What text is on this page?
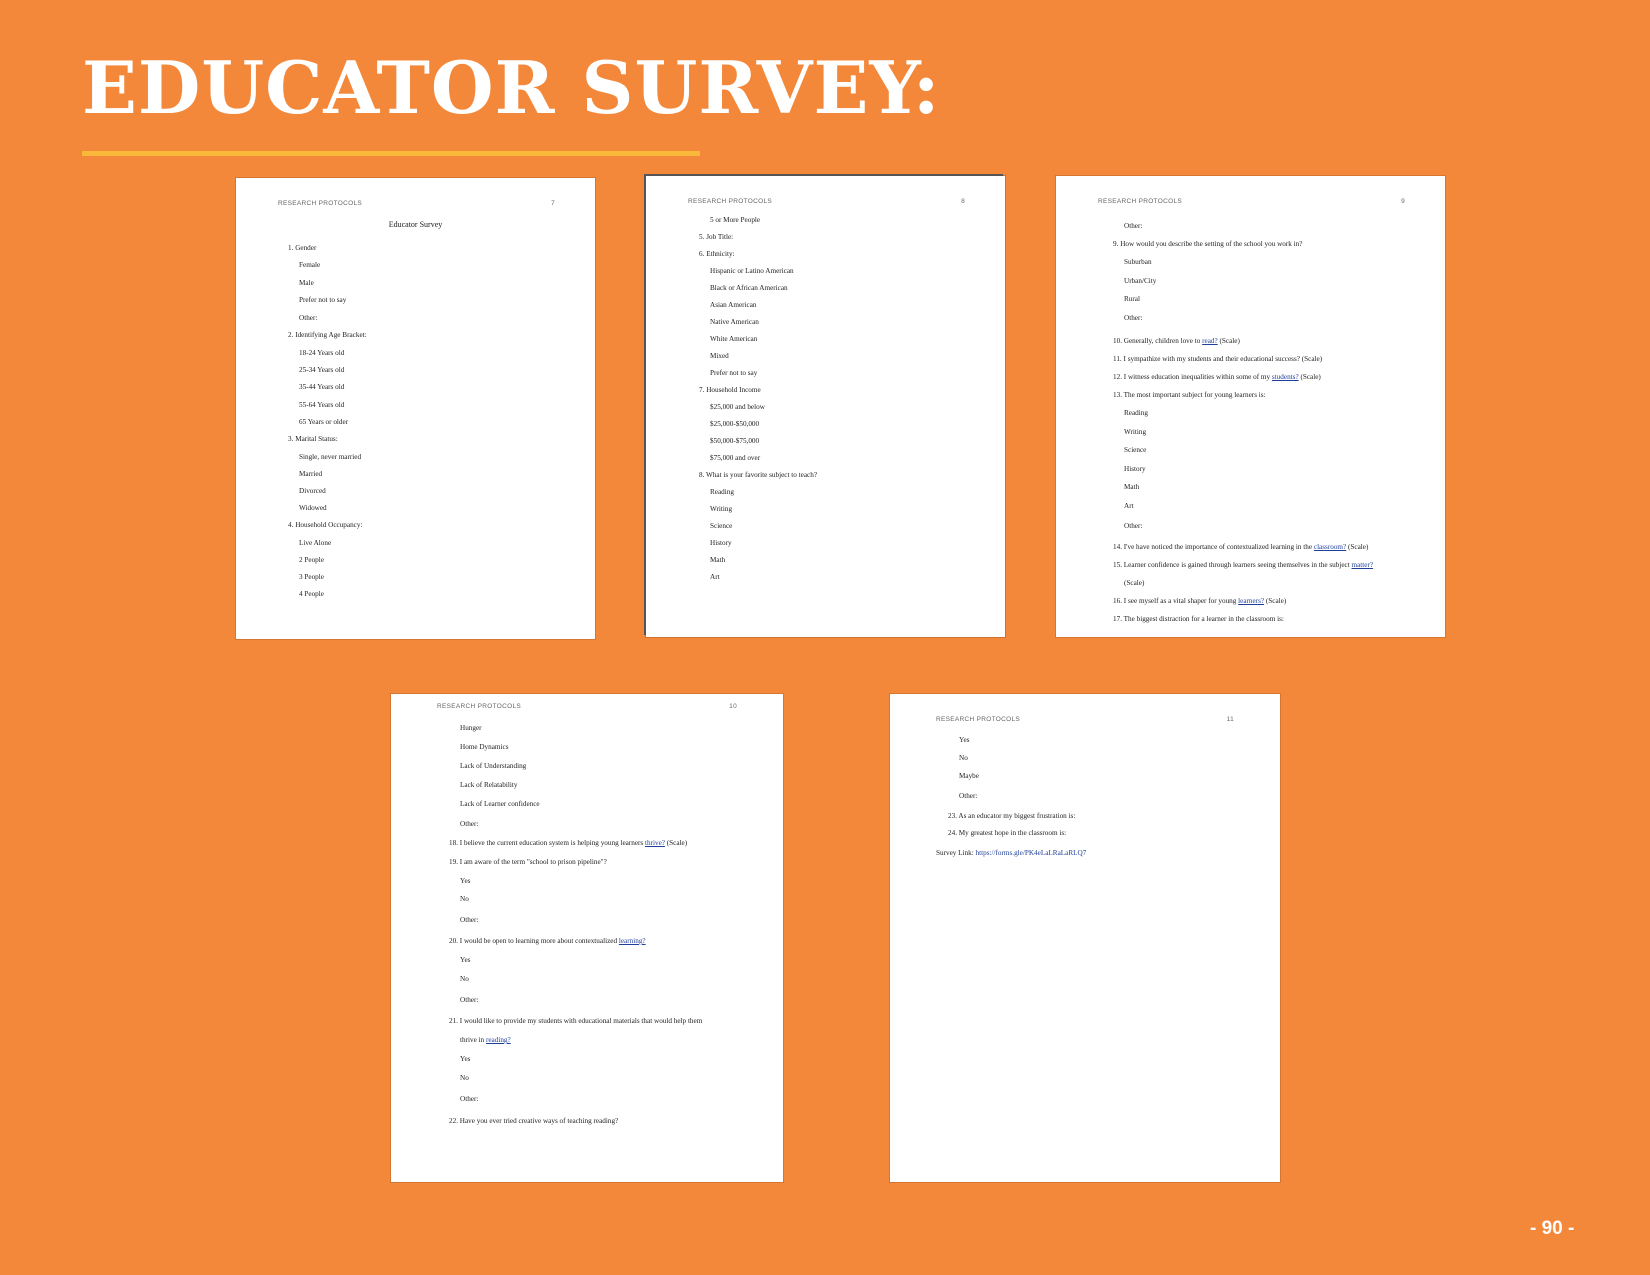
EDUCATOR SURVEY:
RESEARCH PROTOCOLS	7
Educator Survey
1. Gender
Female
Male
Prefer not to say
Other:
2. Identifying Age Bracket:
18-24 Years old
25-34 Years old
35-44 Years old
55-64 Years old
65 Years or older
3. Marital Status:
Single, never married
Married
Divorced
Widowed
4. Household Occupancy:
Live Alone
2 People
3 People
4 People
RESEARCH PROTOCOLS	8
5 or More People
5. Job Title:
6. Ethnicity:
Hispanic or Latino American
Black or African American
Asian American
Native American
White American
Mixed
Prefer not to say
7. Household Income
$25,000 and below
$25,000-$50,000
$50,000-$75,000
$75,000 and over
8. What is your favorite subject to teach?
Reading
Writing
Science
History
Math
Art
RESEARCH PROTOCOLS	9
Other:
9. How would you describe the setting of the school you work in?
Suburban
Urban/City
Rural
Other:
10. Generally, children love to read? (Scale)
11. I sympathize with my students and their educational success? (Scale)
12. I witness education inequalities within some of my students? (Scale)
13. The most important subject for young learners is:
Reading
Writing
Science
History
Math
Art
Other:
14. I've have noticed the importance of contextualized learning in the classroom? (Scale)
15. Learner confidence is gained through learners seeing themselves in the subject matter?
(Scale)
16. I see myself as a vital shaper for young learners? (Scale)
17. The biggest distraction for a learner in the classroom is:
RESEARCH PROTOCOLS	10
Hunger
Home Dynamics
Lack of Understanding
Lack of Relatability
Lack of Learner confidence
Other:
18. I believe the current education system is helping young learners thrive? (Scale)
19. I am aware of the term "school to prison pipeline"?
Yes
No
Other:
20. I would be open to learning more about contextualized learning?
Yes
No
Other:
21. I would like to provide my students with educational materials that would help them
thrive in reading?
Yes
No
Other:
22. Have you ever tried creative ways of teaching reading?
RESEARCH PROTOCOLS	11
Yes
No
Maybe
Other:
23. As an educator my biggest frustration is:
24. My greatest hope in the classroom is:
Survey Link: https://forms.gle/PK4eLaLRaLaRLQ7
- 90 -
